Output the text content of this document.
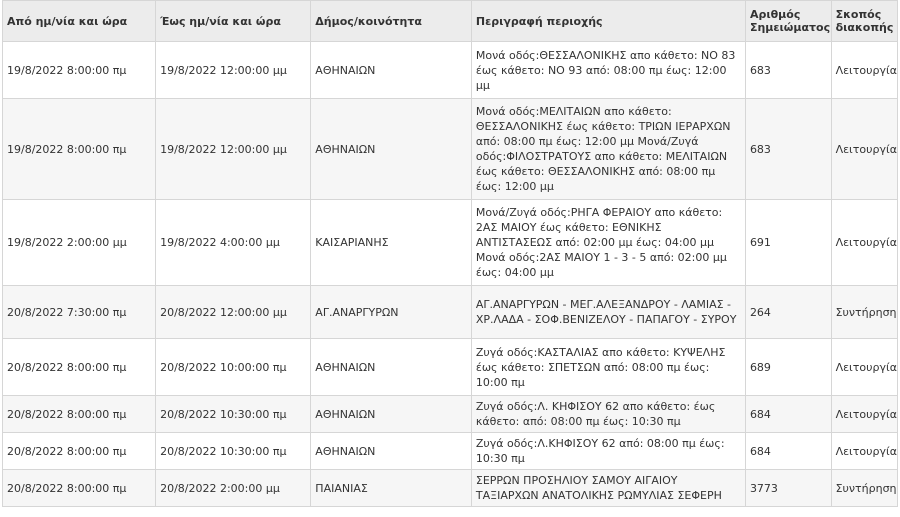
Από ημ/νία και ώρα	Έως ημ/νία και ώρα	Δήμος/κοινότητα	Περιγραφή περιοχής	Αριθμός Σημειώματος	Σκοπός διακοπής
19/8/2022 8:00:00 πμ	19/8/2022 12:00:00 μμ	ΑΘΗΝΑΙΩΝ	Μονά οδός:ΘΕΣΣΑΛΟΝΙΚΗΣ απο κάθετο: ΝΟ 83 έως κάθετο: ΝΟ 93 από: 08:00 πμ έως: 12:00 μμ	683	Λειτουργία
19/8/2022 8:00:00 πμ	19/8/2022 12:00:00 μμ	ΑΘΗΝΑΙΩΝ	Μονά οδός:ΜΕΛΙΤΑΙΩΝ απο κάθετο: ΘΕΣΣΑΛΟΝΙΚΗΣ έως κάθετο: ΤΡΙΩΝ ΙΕΡΑΡΧΩΝ από: 08:00 πμ έως: 12:00 μμ Μονά/Ζυγά οδός:ΦΙΛΟΣΤΡΑΤΟΥΣ απο κάθετο: ΜΕΛΙΤΑΙΩΝ έως κάθετο: ΘΕΣΣΑΛΟΝΙΚΗΣ από: 08:00 πμ έως: 12:00 μμ	683	Λειτουργία
19/8/2022 2:00:00 μμ	19/8/2022 4:00:00 μμ	ΚΑΙΣΑΡΙΑΝΗΣ	Μονά/Ζυγά οδός:ΡΗΓΑ ΦΕΡΑΙΟΥ απο κάθετο: 2ΑΣ ΜΑΙΟΥ έως κάθετο: ΕΘΝΙΚΗΣ ΑΝΤΙΣΤΑΣΕΩΣ από: 02:00 μμ έως: 04:00 μμ Μονά οδός:2ΑΣ ΜΑΙΟΥ 1 - 3 - 5 από: 02:00 μμ έως: 04:00 μμ	691	Λειτουργία
20/8/2022 7:30:00 πμ	20/8/2022 12:00:00 μμ	ΑΓ.ΑΝΑΡΓΥΡΩΝ	ΑΓ.ΑΝΑΡΓΥΡΩΝ - ΜΕΓ.ΑΛΕΞΑΝΔΡΟΥ - ΛΑΜΙΑΣ - ΧΡ.ΛΑΔΑ - ΣΟΦ.ΒΕΝΙΖΕΛΟΥ - ΠΑΠΑΓΟΥ - ΣΥΡΟΥ	264	Συντήρηση
20/8/2022 8:00:00 πμ	20/8/2022 10:00:00 πμ	ΑΘΗΝΑΙΩΝ	Ζυγά οδός:ΚΑΣΤΑΛΙΑΣ απο κάθετο: ΚΥΨΕΛΗΣ έως κάθετο: ΣΠΕΤΣΩΝ από: 08:00 πμ έως: 10:00 πμ	689	Λειτουργία
20/8/2022 8:00:00 πμ	20/8/2022 10:30:00 πμ	ΑΘΗΝΑΙΩΝ	Ζυγά οδός:Λ. ΚΗΦΙΣΟΥ 62 απο κάθετο: έως κάθετο: από: 08:00 πμ έως: 10:30 πμ	684	Λειτουργία
20/8/2022 8:00:00 πμ	20/8/2022 10:30:00 πμ	ΑΘΗΝΑΙΩΝ	Ζυγά οδός:Λ.ΚΗΦΙΣΟΥ 62 από: 08:00 πμ έως: 10:30 πμ	684	Λειτουργία
20/8/2022 8:00:00 πμ	20/8/2022 2:00:00 μμ	ΠΑΙΑΝΙΑΣ	ΣΕΡΡΩΝ ΠΡΟΣΗΛΙΟΥ ΣΑΜΟΥ ΑΙΓΑΙΟΥ ΤΑΞΙΑΡΧΩΝ ΑΝΑΤΟΛΙΚΗΣ ΡΩΜΥΛΙΑΣ ΣΕΦΕΡΗ	3773	Συντήρηση
